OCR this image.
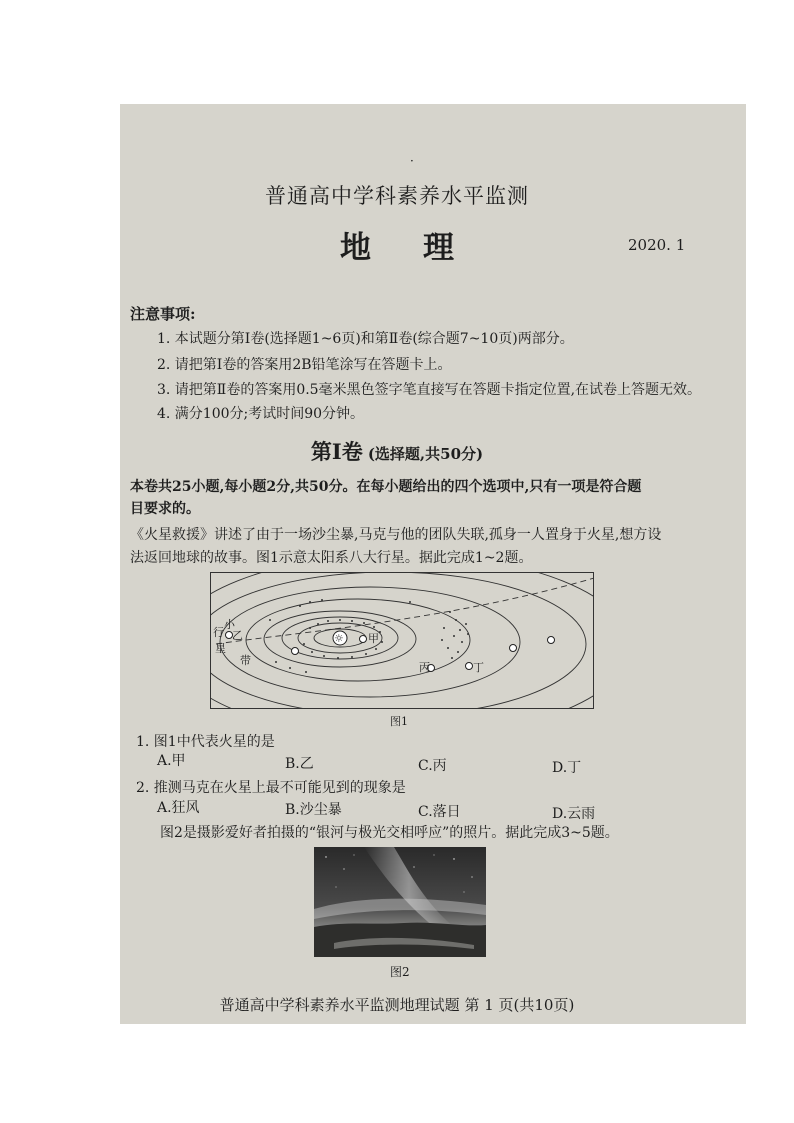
·
普通高中学科素养水平监测
地理	2020. 1
注意事项:
1. 本试题分第Ⅰ卷(选择题1~6页)和第Ⅱ卷(综合题7~10页)两部分。
2. 请把第Ⅰ卷的答案用2B铅笔涂写在答题卡上。
3. 请把第Ⅱ卷的答案用0.5毫米黑色签字笔直接写在答题卡指定位置,在试卷上答题无效。
4. 满分100分;考试时间90分钟。
第Ⅰ卷 (选择题,共50分)
本卷共25小题,每小题2分,共50分。在每小题给出的四个选项中,只有一项是符合题
目要求的。
《火星救援》讲述了由于一场沙尘暴,马克与他的团队失联,孤身一人置身于火星,想方设
法返回地球的故事。图1示意太阳系八大行星。据此完成1~2题。
☼ 甲
乙
丙	丁
小
行
星
带
图1
1. 图1中代表火星的是
A.甲	B.乙	C.丙	D.丁
2. 推测马克在火星上最不可能见到的现象是
A.狂风	B.沙尘暴	C.落日	D.云雨
图2是摄影爱好者拍摄的“银河与极光交相呼应”的照片。据此完成3~5题。
图2
普通高中学科素养水平监测地理试题 第 1 页(共10页)
